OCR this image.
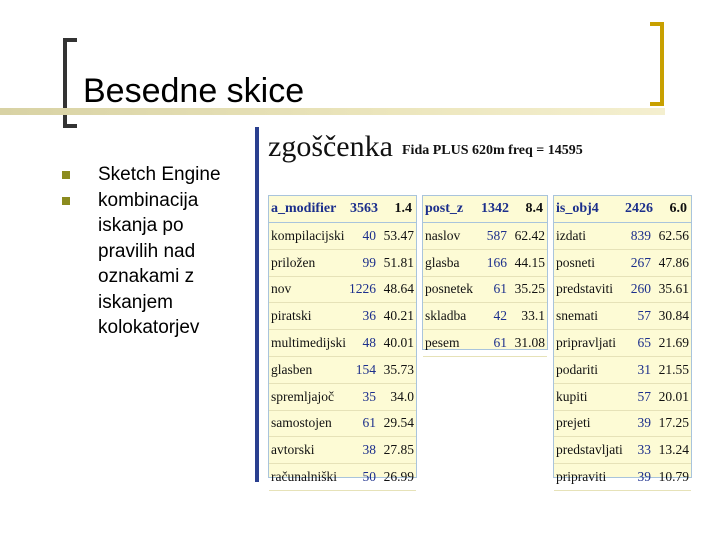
Besedne skice
Sketch Engine
kombinacija
iskanja po
pravilih nad
oznakami z
iskanjem
kolokatorjev
zgoščenka Fida PLUS 620m freq = 14595
a_modifier 3563	1.4
kompilacijski	40 53.47
priložen	99 51.81
nov	1226 48.64
piratski	36 40.21
multimedijski	48 40.01
glasben	154 35.73
spremljajoč	35	34.0
samostojen	61 29.54
avtorski	38 27.85
računalniški	50 26.99
post_z	1342	8.4
naslov	587 62.42
glasba	166 44.15
posnetek	61 35.25
skladba	42	33.1
pesem	61 31.08
is_obj4	2426	6.0
izdati	839 62.56
posneti	267 47.86
predstaviti	260 35.61
snemati	57 30.84
pripravljati	65 21.69
podariti	31 21.55
kupiti	57 20.01
prejeti	39 17.25
predstavljati	33 13.24
pripraviti	39 10.79
